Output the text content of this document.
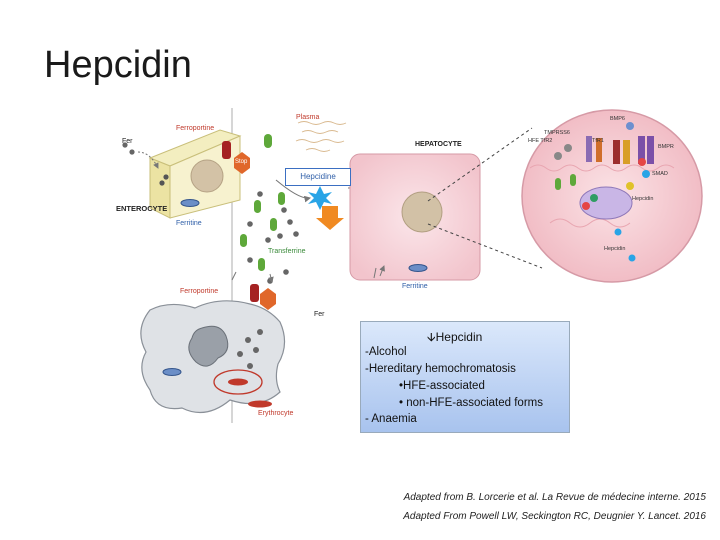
Hepcidin
Ferroportine
Fer
Stop
ENTEROCYTE
Ferritine
Plasma
Hepcidine
Transferrine
HEPATOCYTE
Ferritine
Ferroportine
Fer
Erythrocyte
BMP6
TMPRSS6
HFE TfR2	TfR1
BMPR
SMAD
Hepcidin
Hepcidin
🡫Hepcidin
-Alcohol
-Hereditary hemochromatosis
•HFE-associated
• non-HFE-associated forms
- Anaemia
Adapted from B. Lorcerie et al. La Revue de médecine interne. 2015
Adapted From Powell LW, Seckington RC, Deugnier Y. Lancet. 2016
